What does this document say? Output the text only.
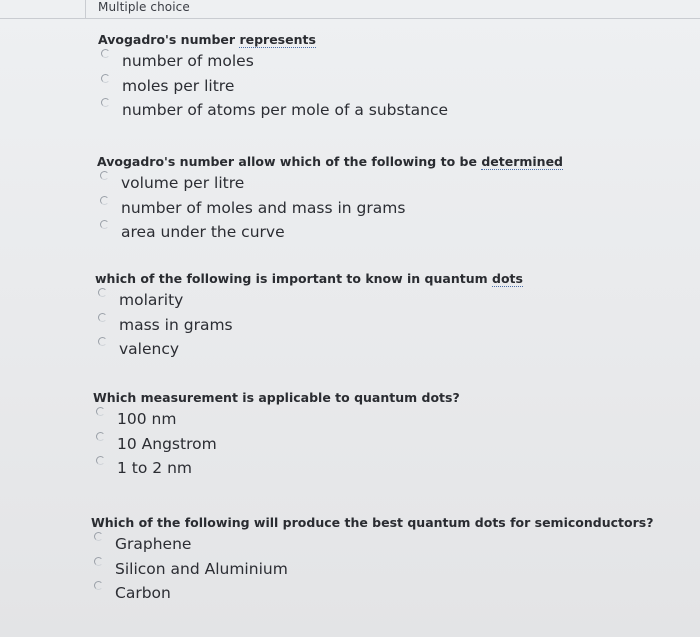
Multiple choice

Avogadro's number represents

number of moles
moles per litre
number of atoms per mole of a substance

Avogadro's number allow which of the following to be determined

volume per litre
number of moles and mass in grams
area under the curve

which of the following is important to know in quantum dots

molarity
mass in grams
valency

Which measurement is applicable to quantum dots?

100 nm
10 Angstrom
1 to 2 nm

Which of the following will produce the best quantum dots for semiconductors?

Graphene
Silicon and Aluminium
Carbon
